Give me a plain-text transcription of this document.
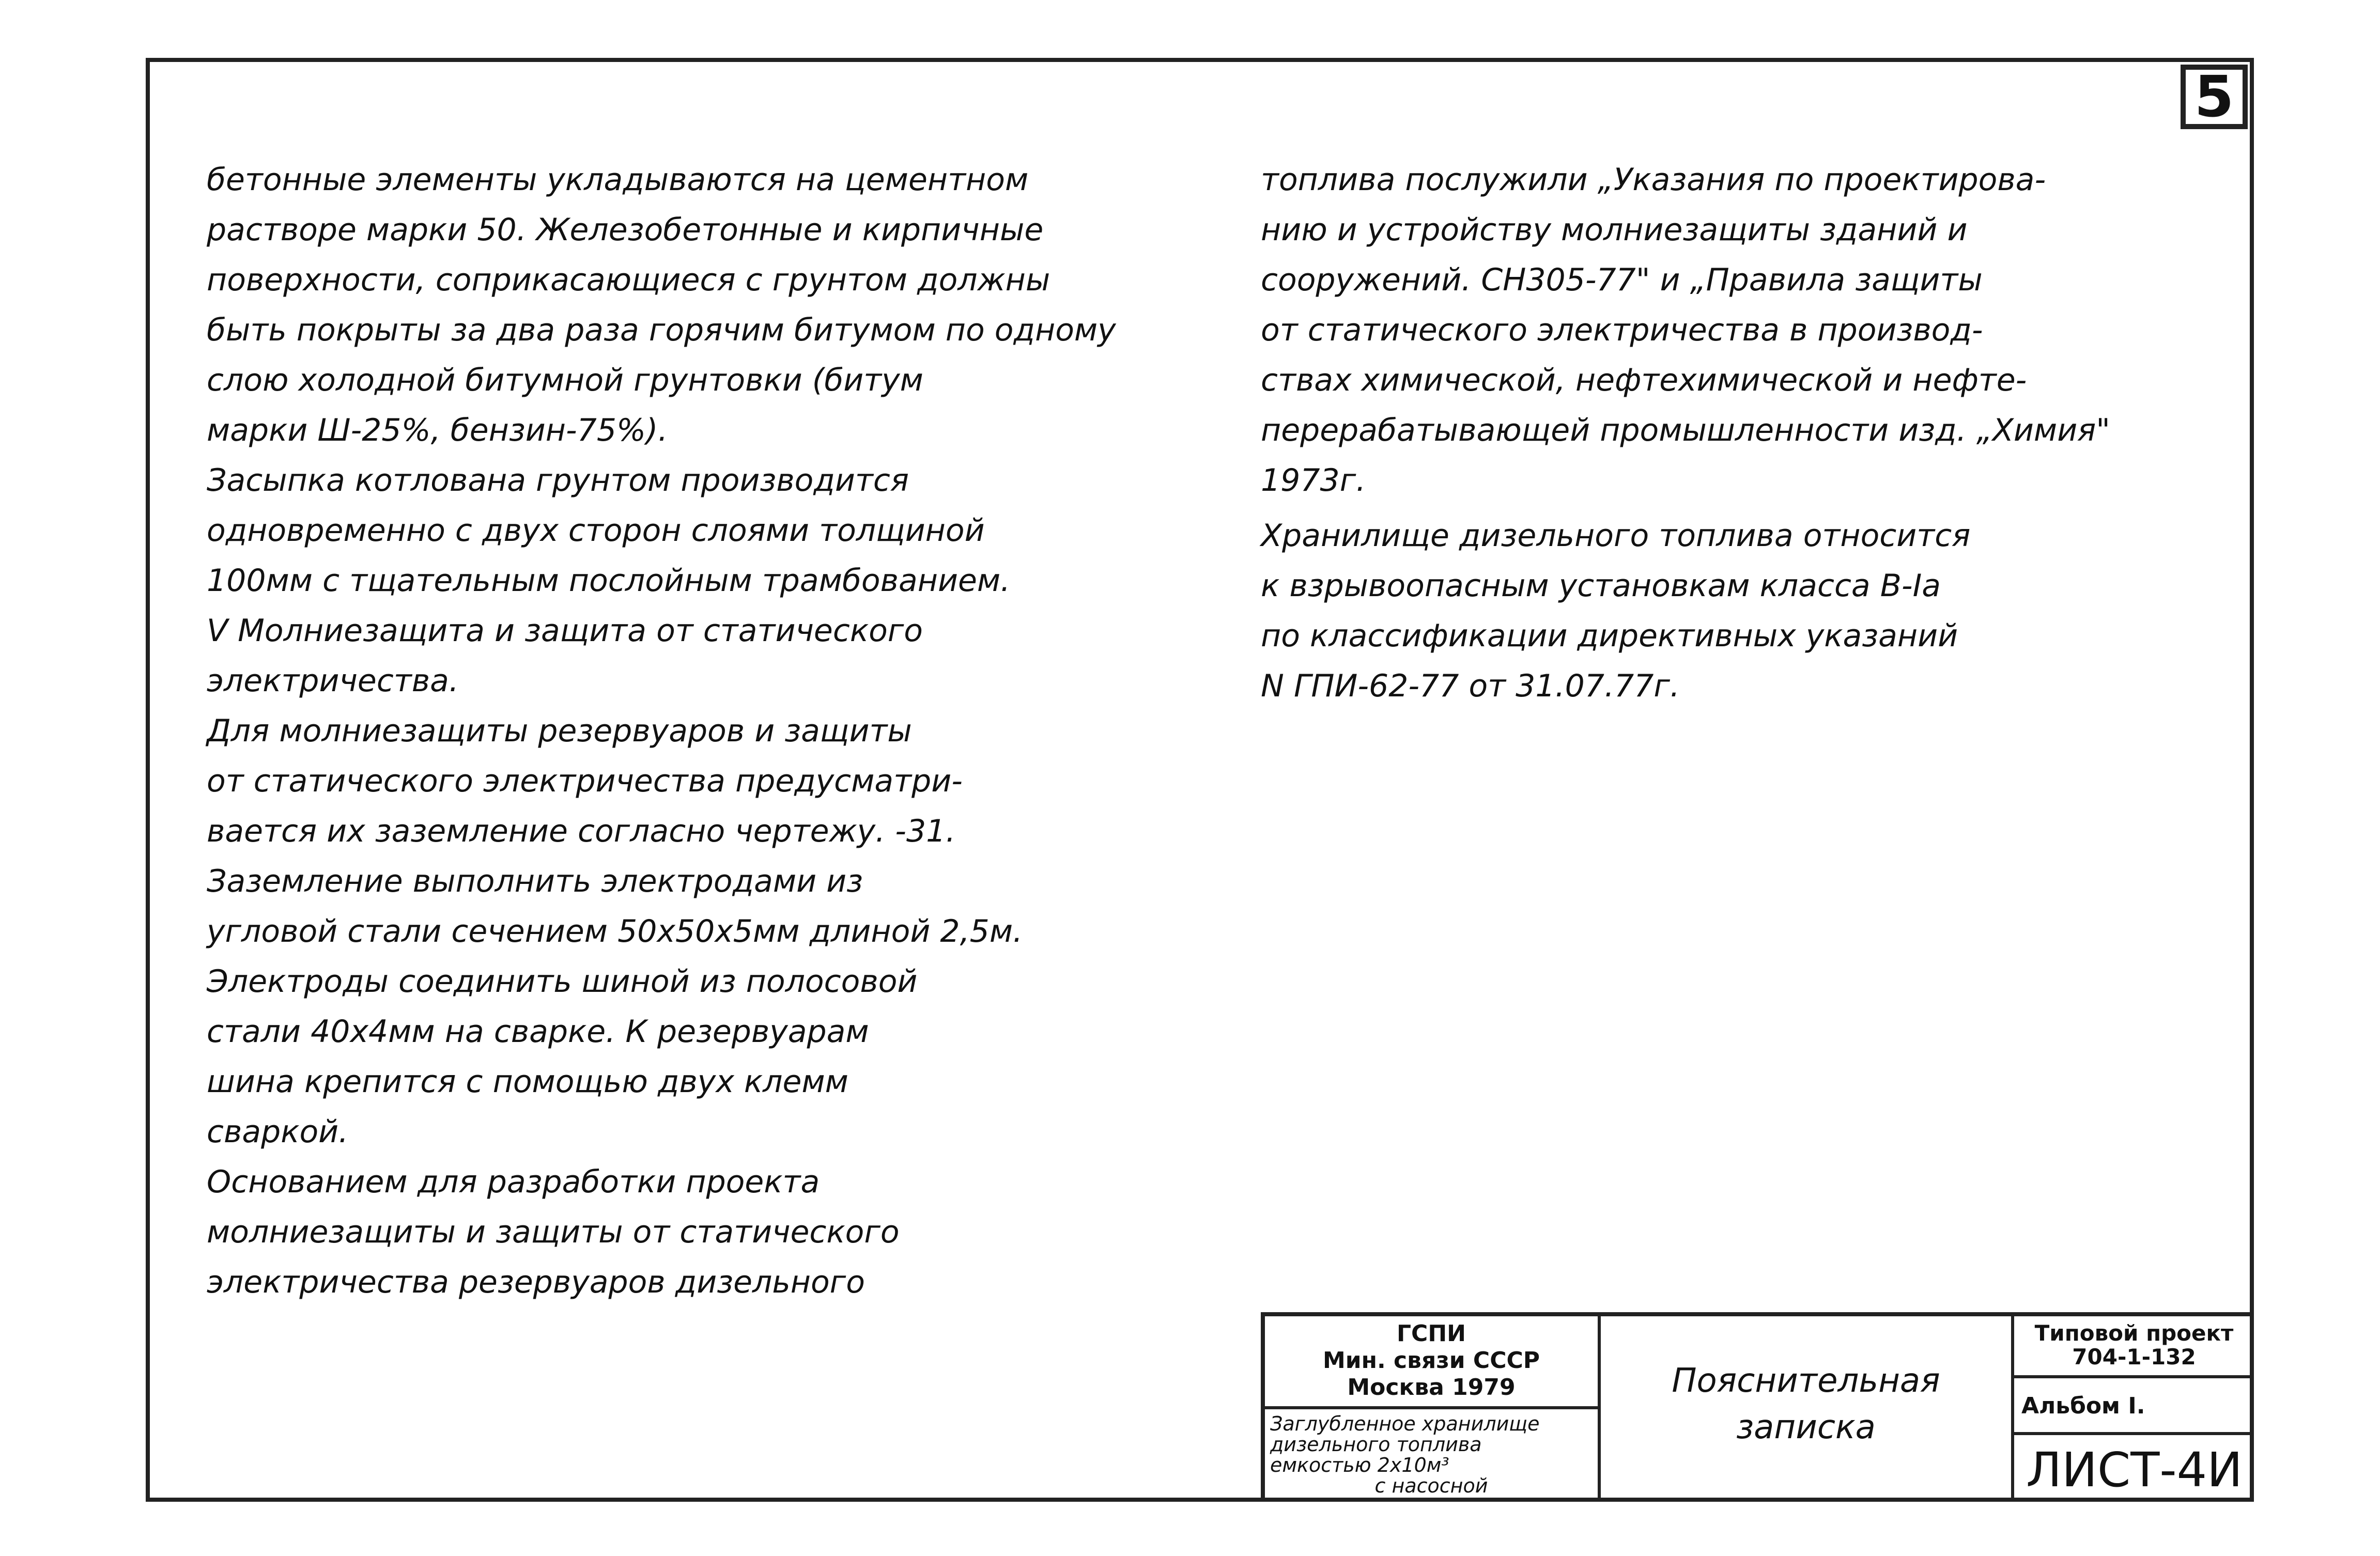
5
бетонные элементы укладываются на цементном
растворе марки 50. Железобетонные и кирпичные
поверхности, соприкасающиеся с грунтом должны
быть покрыты за два раза горячим битумом по одному
слою холодной битумной грунтовки (битум
марки Ш-25%, бензин-75%).
Засыпка котлована грунтом производится
одновременно с двух сторон слоями толщиной
100мм с тщательным послойным трамбованием.
V Молниезащита и защита от статического
электричества.
Для молниезащиты резервуаров и защиты
от статического электричества предусматри-
вается их заземление согласно чертежу. -31.
Заземление выполнить электродами из
угловой стали сечением 50х50х5мм длиной 2,5м.
Электроды соединить шиной из полосовой
стали 40х4мм на сварке. К резервуарам
шина крепится с помощью двух клемм
сваркой.
Основанием для разработки проекта
молниезащиты и защиты от статического
электричества резервуаров дизельного
топлива послужили „Указания по проектирова-
нию и устройству молниезащиты зданий и
сооружений. СН305-77" и „Правила защиты
от статического электричества в производ-
ствах химической, нефтехимической и нефте-
перерабатывающей промышленности изд. „Химия"
1973г.
Хранилище дизельного топлива относится
к взрывоопасным установкам класса В-Iа
по классификации директивных указаний
N ГПИ-62-77 от 31.07.77г.
ГСПИ
Мин. связи СССР
Москва 1979
Заглубленное хранилище
дизельного топлива
емкостью 2х10м³
с насосной
Пояснительная
записка
Типовой проект
704-1-132
Альбом I.
ЛИСТ-4И
